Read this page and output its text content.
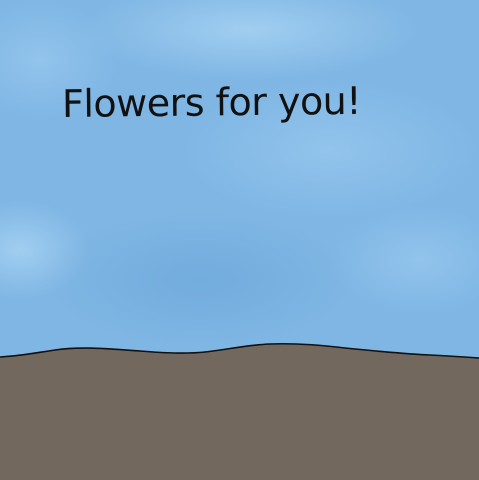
Flowers for you!
